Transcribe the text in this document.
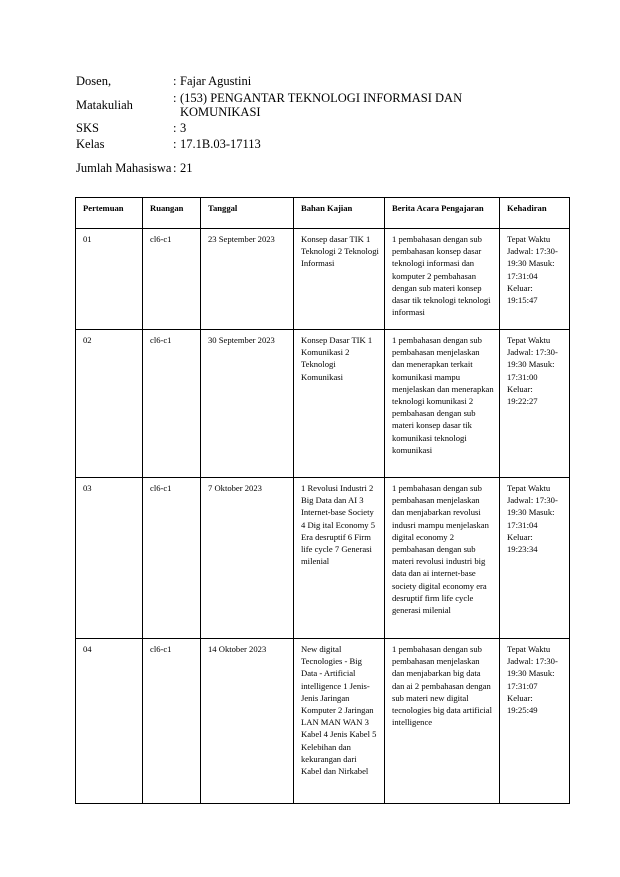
Dosen,	: Fajar Agustini

Matakuliah	: (153) PENGANTAR TEKNOLOGI INFORMASI DAN KOMUNIKASI

SKS	: 3

Kelas	: 17.1B.03-17113

Jumlah Mahasiswa	: 21
Pertemuan	Ruangan	Tanggal	Bahan Kajian	Berita Acara Pengajaran	Kehadiran
01	cl6-c1	23 September 2023	Konsep dasar TIK 1 Teknologi 2 Teknologi Informasi	1 pembahasan dengan sub pembahasan konsep dasar teknologi informasi dan komputer 2 pembahasan dengan sub materi konsep dasar tik teknologi teknologi informasi	Tepat Waktu Jadwal: 17:30-19:30 Masuk: 17:31:04 Keluar: 19:15:47
02	cl6-c1	30 September 2023	Konsep Dasar TIK 1 Komunikasi 2 Teknologi Komunikasi	1 pembahasan dengan sub pembahasan menjelaskan dan menerapkan terkait komunikasi mampu menjelaskan dan menerapkan teknologi komunikasi 2 pembahasan dengan sub materi konsep dasar tik komunikasi teknologi komunikasi	Tepat Waktu Jadwal: 17:30-19:30 Masuk: 17:31:00 Keluar: 19:22:27
03	cl6-c1	7 Oktober 2023	1 Revolusi Industri 2 Big Data dan AI 3 Internet-base Society 4 Dig ital Economy 5 Era desruptif 6 Firm life cycle 7 Generasi milenial	1 pembahasan dengan sub pembahasan menjelaskan dan menjabarkan revolusi indusri mampu menjelaskan digital economy 2 pembahasan dengan sub materi revolusi industri big data dan ai internet-base society digital economy era desruptif firm life cycle generasi milenial	Tepat Waktu Jadwal: 17:30-19:30 Masuk: 17:31:04 Keluar: 19:23:34
04	cl6-c1	14 Oktober 2023	New digital Tecnologies - Big Data - Artificial intelligence 1 Jenis-Jenis Jaringan Komputer 2 Jaringan LAN MAN WAN 3 Kabel 4 Jenis Kabel 5 Kelebihan dan kekurangan dari Kabel dan Nirkabel	1 pembahasan dengan sub pembahasan menjelaskan dan menjabarkan big data dan ai 2 pembahasan dengan sub materi new digital tecnologies big data artificial intelligence	Tepat Waktu Jadwal: 17:30-19:30 Masuk: 17:31:07 Keluar: 19:25:49
